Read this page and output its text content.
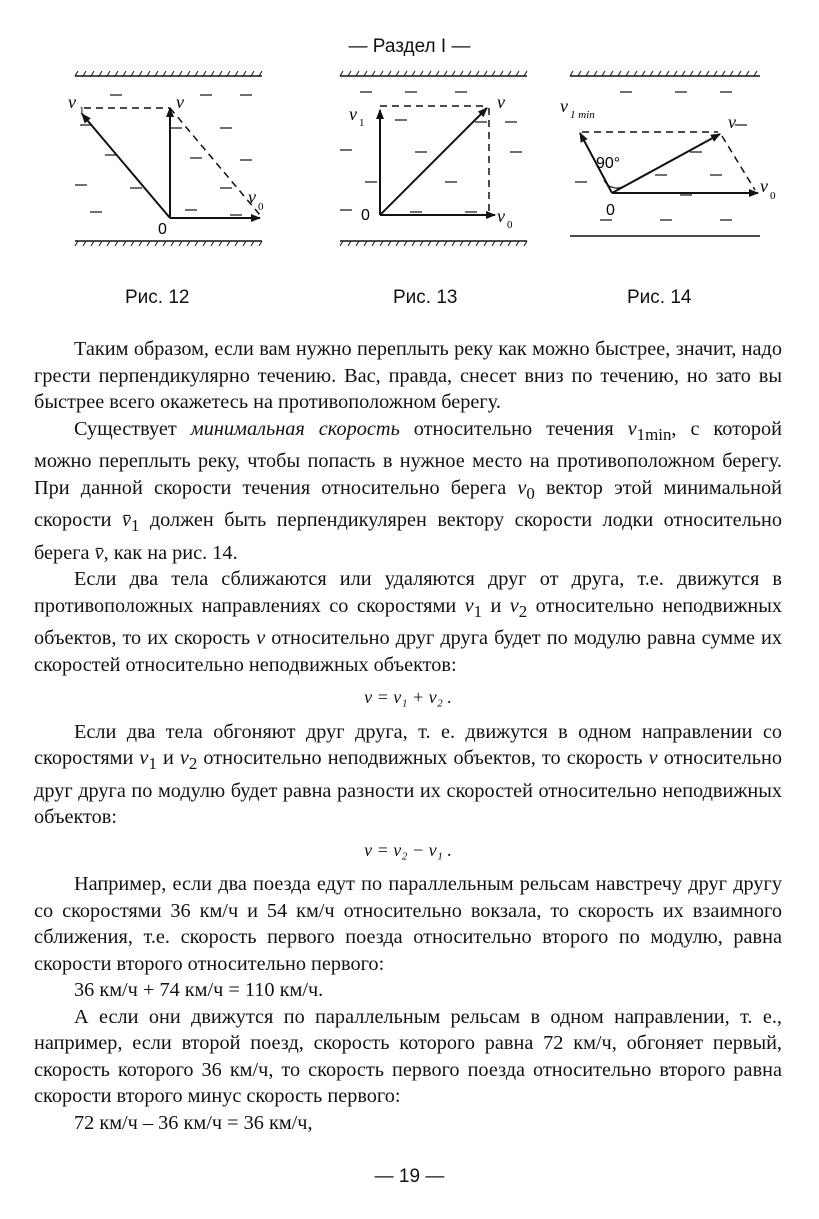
— Раздел I —
v 1	v
v 0
0
v 1
v
v 0
0
v 1 min	v
v 0
90°
0
Рис. 12	Рис. 13	Рис. 14

Таким образом, если вам нужно переплыть реку как можно быстрее, значит, надо грести перпендикулярно течению. Вас, правда, снесет вниз по течению, но зато вы быстрее всего окажетесь на противоположном берегу.

Существует минимальная скорость относительно течения $v_{1min}$, с которой можно переплыть реку, чтобы попасть в нужное место на противоположном берегу. При данной скорости течения относительно берега $v_0$ вектор этой минимальной скорости $v̄_1$ должен быть перпендикулярен вектору скорости лодки относительно берега v̄, как на рис. 14.

Если два тела сближаются или удаляются друг от друга, т.е. движутся в противоположных направлениях со скоростями $v_1$ и $v_2$ относительно неподвижных объектов, то их скорость v относительно друг друга будет по модулю равна сумме их скоростей относительно неподвижных объектов:

v = v₁ + v₂ .

Если два тела обгоняют друг друга, т. е. движутся в одном направлении со скоростями $v_1$ и $v_2$ относительно неподвижных объектов, то скорость v относительно друг друга по модулю будет равна разности их скоростей относительно неподвижных объектов:

v = v₂ − v₁ .

Например, если два поезда едут по параллельным рельсам навстречу друг другу со скоростями 36 км/ч и 54 км/ч относительно вокзала, то скорость их взаимного сближения, т.е. скорость первого поезда относительно второго по модулю, равна скорости второго относительно первого:

36 км/ч + 74 км/ч = 110 км/ч.

А если они движутся по параллельным рельсам в одном направлении, т. е., например, если второй поезд, скорость которого равна 72 км/ч, обгоняет первый, скорость которого 36 км/ч, то скорость первого поезда относительно второго равна скорости второго минус скорость первого:

72 км/ч – 36 км/ч = 36 км/ч,

— 19 —
